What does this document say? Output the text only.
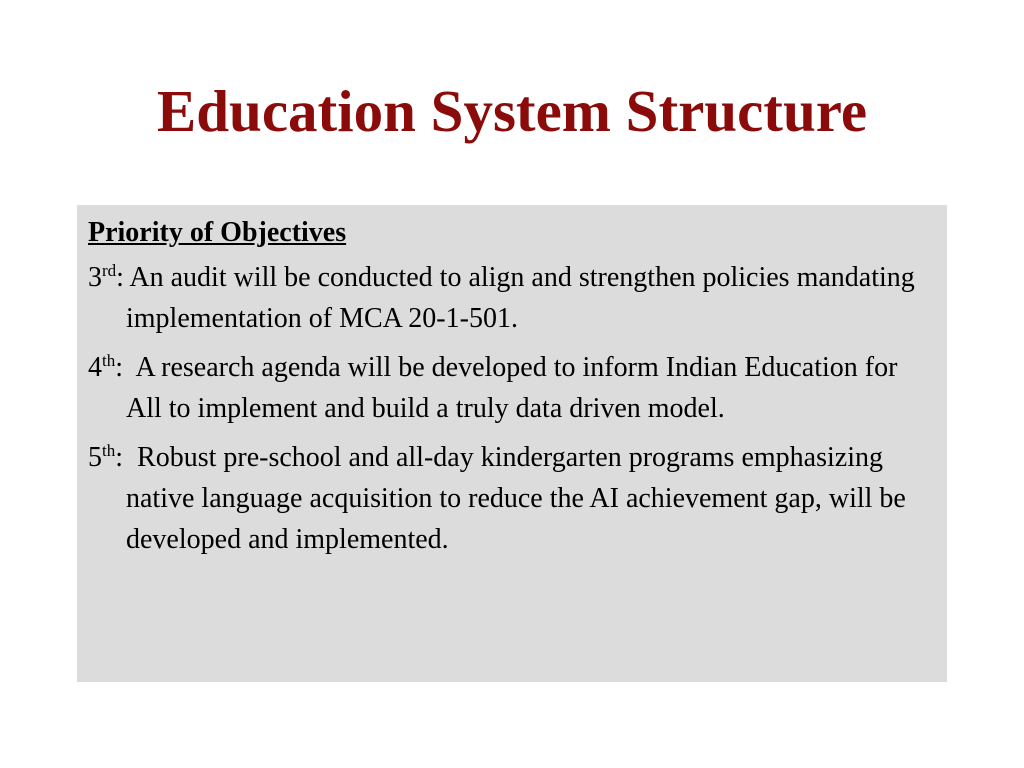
Education System Structure
Priority of Objectives
3rd: An audit will be conducted to align and strengthen policies mandating implementation of MCA 20-1-501.
4th:  A research agenda will be developed to inform Indian Education for All to implement and build a truly data driven model.
5th:  Robust pre-school and all-day kindergarten programs emphasizing native language acquisition to reduce the AI achievement gap, will be developed and implemented.
